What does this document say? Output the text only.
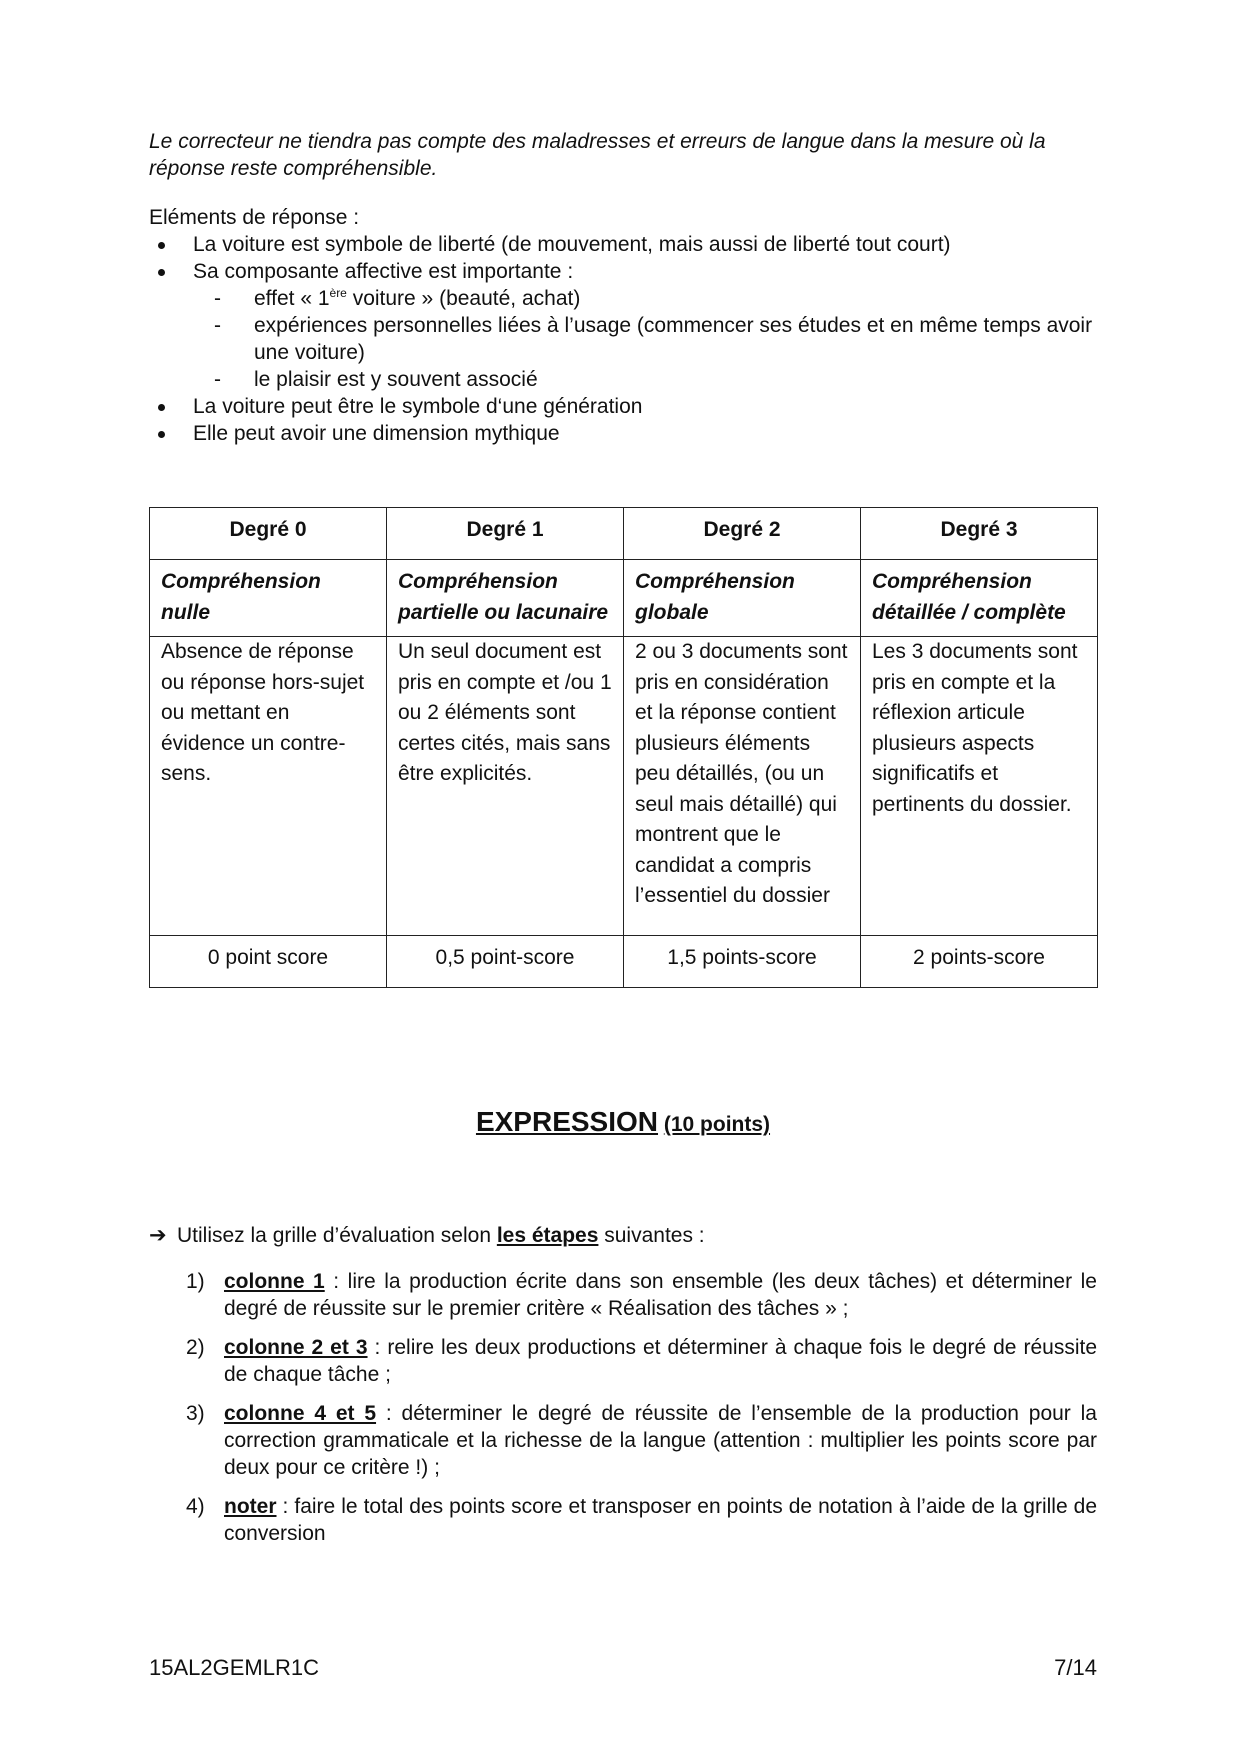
Le correcteur ne tiendra pas compte des maladresses et erreurs de langue dans la mesure où la réponse reste compréhensible.

Eléments de réponse :

La voiture est symbole de liberté (de mouvement, mais aussi de liberté tout court)
Sa composante affective est importante :
- effet « 1ère voiture » (beauté, achat)
- expériences personnelles liées à l’usage (commencer ses études et en même temps avoir une voiture)
- le plaisir est y souvent associé
La voiture peut être le symbole d‘une génération
Elle peut avoir une dimension mythique
Degré 0	Degré 1	Degré 2	Degré 3
Compréhension nulle	Compréhension partielle ou lacunaire	Compréhension globale	Compréhension détaillée / complète
Absence de réponse ou réponse hors-sujet ou mettant en évidence un contre-sens.	Un seul document est pris en compte et /ou 1 ou 2 éléments sont certes cités, mais sans être explicités.	2 ou 3 documents sont pris en considération et la réponse contient plusieurs éléments peu détaillés, (ou un seul mais détaillé) qui montrent que le candidat a compris l’essentiel du dossier	Les 3 documents sont pris en compte et la réflexion articule plusieurs aspects significatifs et pertinents du dossier.
0 point score	0,5 point-score	1,5 points-score	2 points-score
EXPRESSION (10 points)
➔ Utilisez la grille d’évaluation selon les étapes suivantes :
1) colonne 1 : lire la production écrite dans son ensemble (les deux tâches) et déterminer le degré de réussite sur le premier critère « Réalisation des tâches » ;
2) colonne 2 et 3 : relire les deux productions et déterminer à chaque fois le degré de réussite de chaque tâche ;
3) colonne 4 et 5 : déterminer le degré de réussite de l’ensemble de la production pour la correction grammaticale et la richesse de la langue (attention : multiplier les points score par deux pour ce critère !) ;
4) noter : faire le total des points score et transposer en points de notation à l’aide de la grille de conversion
15AL2GEMLR1C	7/14
